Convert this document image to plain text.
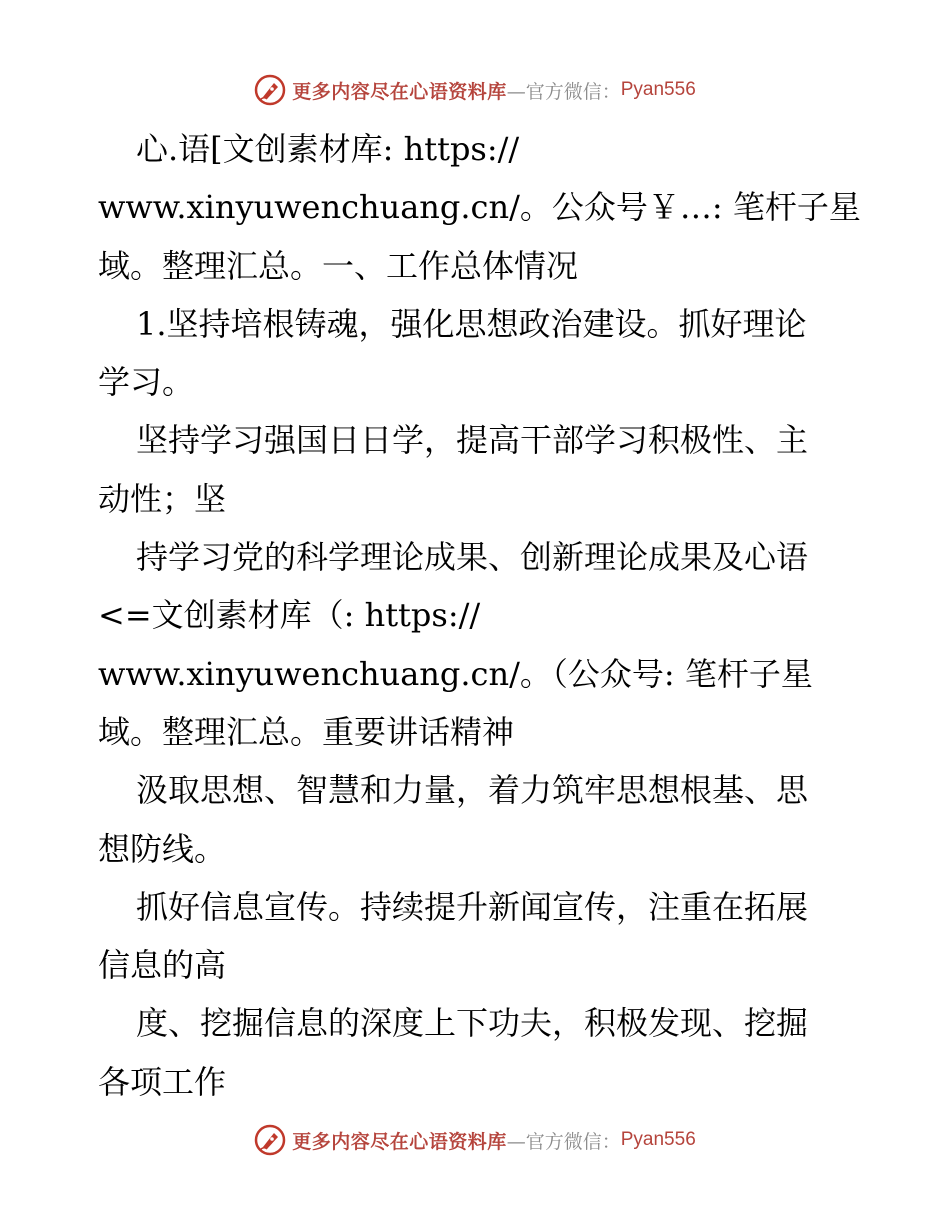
更多内容尽在心语资料库 —官方微信： Pyan556
心.语[文创素材库: https://
www.xinyuwenchuang.cn/。公众号￥…: 笔杆子星
域。整理汇总。一、工作总体情况
1.坚持培根铸魂，强化思想政治建设。抓好理论
学习。
坚持学习强国日日学，提高干部学习积极性、主
动性；坚
持学习党的科学理论成果、创新理论成果及心语
<=文创素材库（: https://
www.xinyuwenchuang.cn/。（公众号: 笔杆子星
域。整理汇总。重要讲话精神
汲取思想、智慧和力量，着力筑牢思想根基、思
想防线。
抓好信息宣传。持续提升新闻宣传，注重在拓展
信息的高
度、挖掘信息的深度上下功夫，积极发现、挖掘
各项工作
更多内容尽在心语资料库 —官方微信： Pyan556
